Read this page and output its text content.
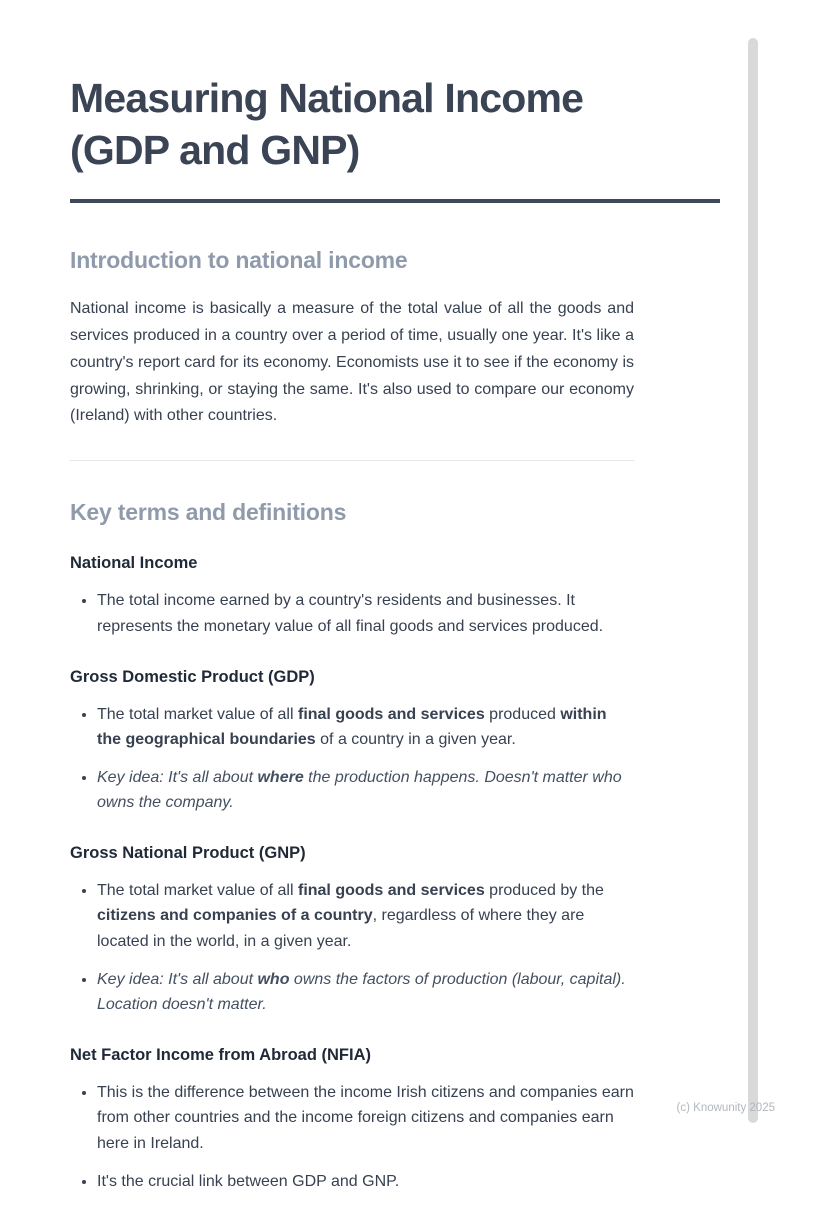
Measuring National Income (GDP and GNP)
Introduction to national income

National income is basically a measure of the total value of all the goods and services produced in a country over a period of time, usually one year. It's like a country's report card for its economy. Economists use it to see if the economy is growing, shrinking, or staying the same. It's also used to compare our economy (Ireland) with other countries.

Key terms and definitions
National Income
• The total income earned by a country's residents and businesses. It represents the monetary value of all final goods and services produced.
Gross Domestic Product (GDP)
• The total market value of all final goods and services produced within the geographical boundaries of a country in a given year.
• Key idea: It's all about where the production happens. Doesn't matter who owns the company.
Gross National Product (GNP)
• The total market value of all final goods and services produced by the citizens and companies of a country, regardless of where they are located in the world, in a given year.
• Key idea: It's all about who owns the factors of production (labour, capital). Location doesn't matter.
Net Factor Income from Abroad (NFIA)
• This is the difference between the income Irish citizens and companies earn from other countries and the income foreign citizens and companies earn here in Ireland.
• It's the crucial link between GDP and GNP.
(c) Knowunity 2025
